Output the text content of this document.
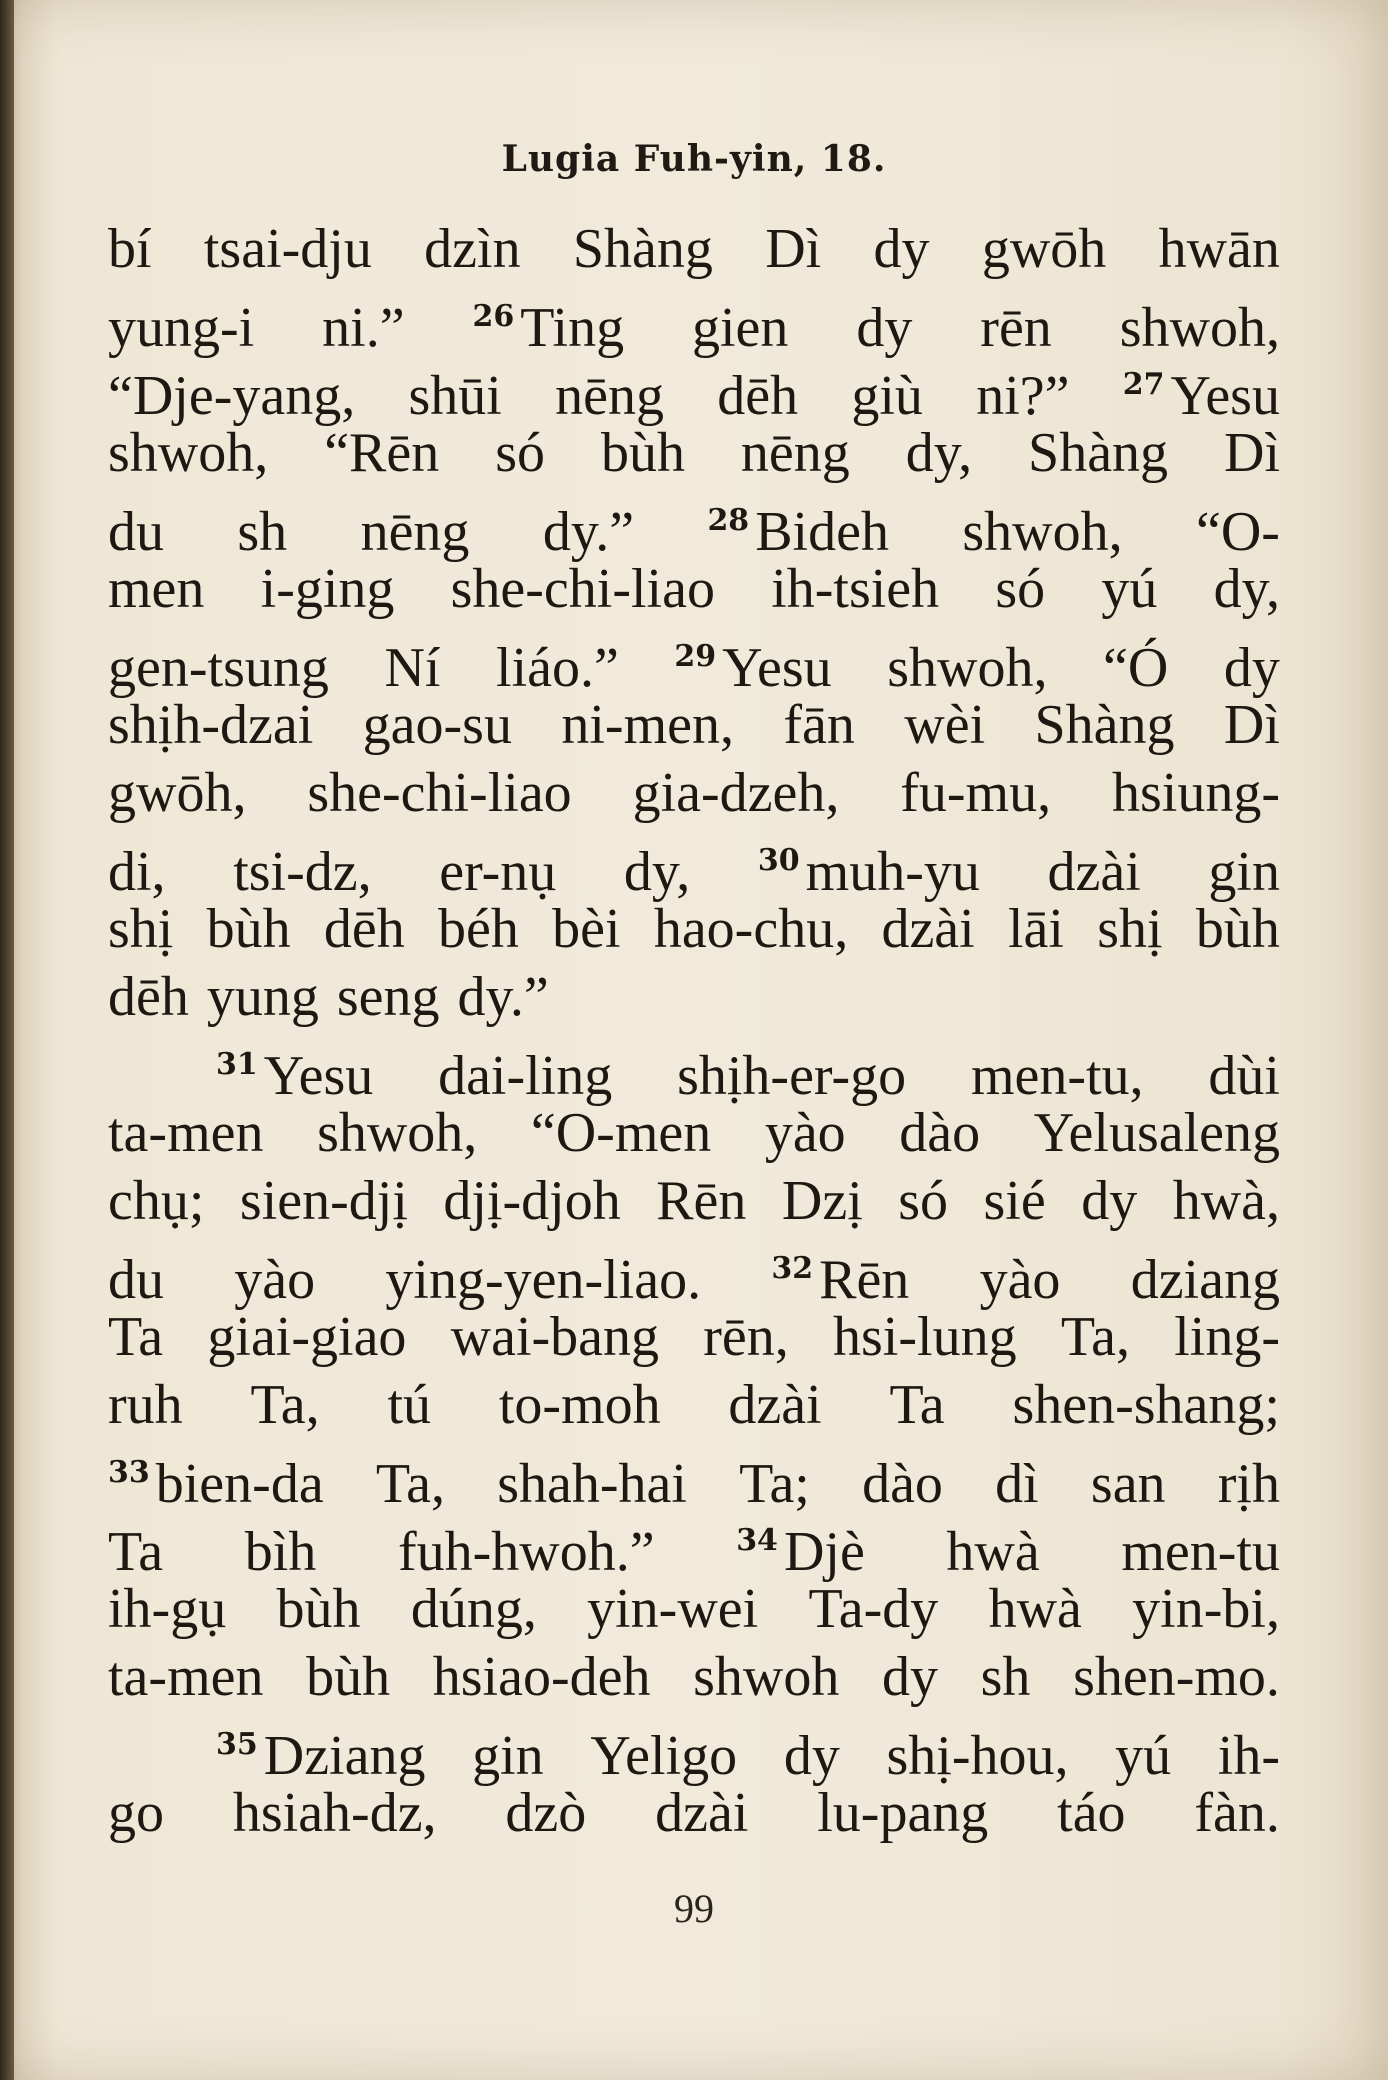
Lugia Fuh-yin, 18.
bí tsai-dju dzìn Shàng Dì dy gwōh hwān
yung-i ni.” $^{26}$ Ting gien dy rēn shwoh,
“Dje-yang, shūi nēng dēh giù ni?” $^{27}$ Yesu
shwoh, “Rēn só bùh nēng dy, Shàng Dì
du sh nēng dy.” $^{28}$ Bideh shwoh, “O-
men i-ging she-chi-liao ih-tsieh só yú dy,
gen-tsung Ní liáo.” $^{29}$ Yesu shwoh, “Ó dy
shịh-dzai gao-su ni-men, fān wèi Shàng Dì
gwōh, she-chi-liao gia-dzeh, fu-mu, hsiung-
di, tsi-dz, er-nụ dy, $^{30}$ muh-yu dzài gin
shị bùh dēh béh bèi hao-chu, dzài lāi shị bùh
dēh yung seng dy.”
$^{31}$ Yesu dai-ling shịh-er-go men-tu, dùi
ta-men shwoh, “O-men yào dào Yelusaleng
chụ; sien-djị djị-djoh Rēn Dzị só sié dy hwà,
du yào ying-yen-liao. $^{32}$ Rēn yào dziang
Ta giai-giao wai-bang rēn, hsi-lung Ta, ling-
ruh Ta, tú to-moh dzài Ta shen-shang;
$^{33}$ bien-da Ta, shah-hai Ta; dào dì san rịh
Ta bìh fuh-hwoh.”	$^{34}$ Djè hwà men-tu
ih-gụ bùh dúng, yin-wei Ta-dy hwà yin-bi,
ta-men bùh hsiao-deh shwoh dy sh shen-mo.
$^{35}$ Dziang gin Yeligo dy shị-hou, yú ih-
go hsiah-dz, dzò dzài lu-pang táo fàn.
99
